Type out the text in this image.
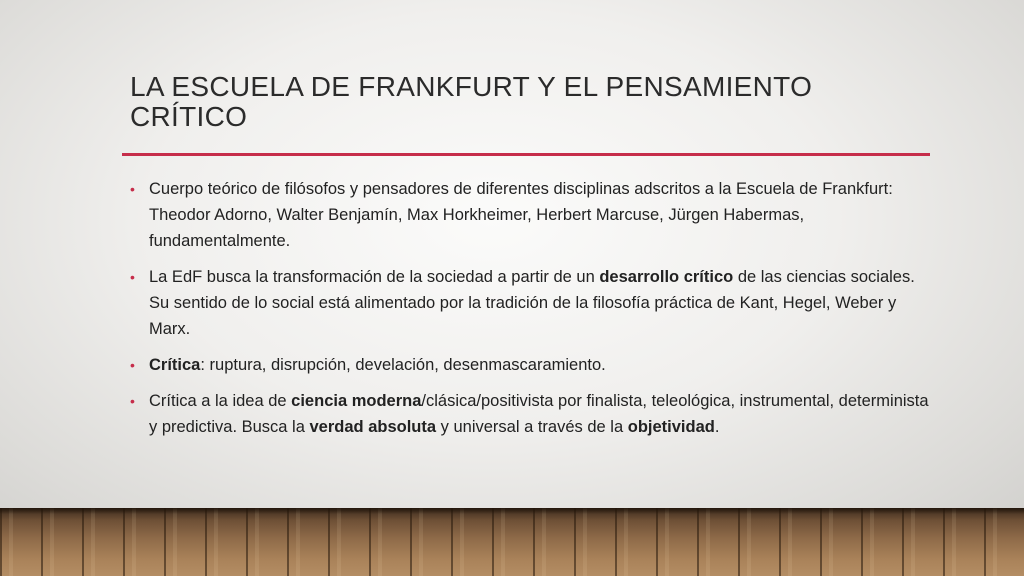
LA ESCUELA DE FRANKFURT Y EL PENSAMIENTO CRÍTICO
• Cuerpo teórico de filósofos y pensadores de diferentes disciplinas adscritos a la Escuela de Frankfurt: Theodor Adorno, Walter Benjamín, Max Horkheimer, Herbert Marcuse, Jürgen Habermas, fundamentalmente.
• La EdF busca la transformación de la sociedad a partir de un desarrollo crítico de las ciencias sociales. Su sentido de lo social está alimentado por la tradición de la filosofía práctica de Kant, Hegel, Weber y Marx.
• Crítica: ruptura, disrupción, develación, desenmascaramiento.
• Crítica a la idea de ciencia moderna/clásica/positivista por finalista, teleológica, instrumental, determinista y predictiva. Busca la verdad absoluta y universal a través de la objetividad.
